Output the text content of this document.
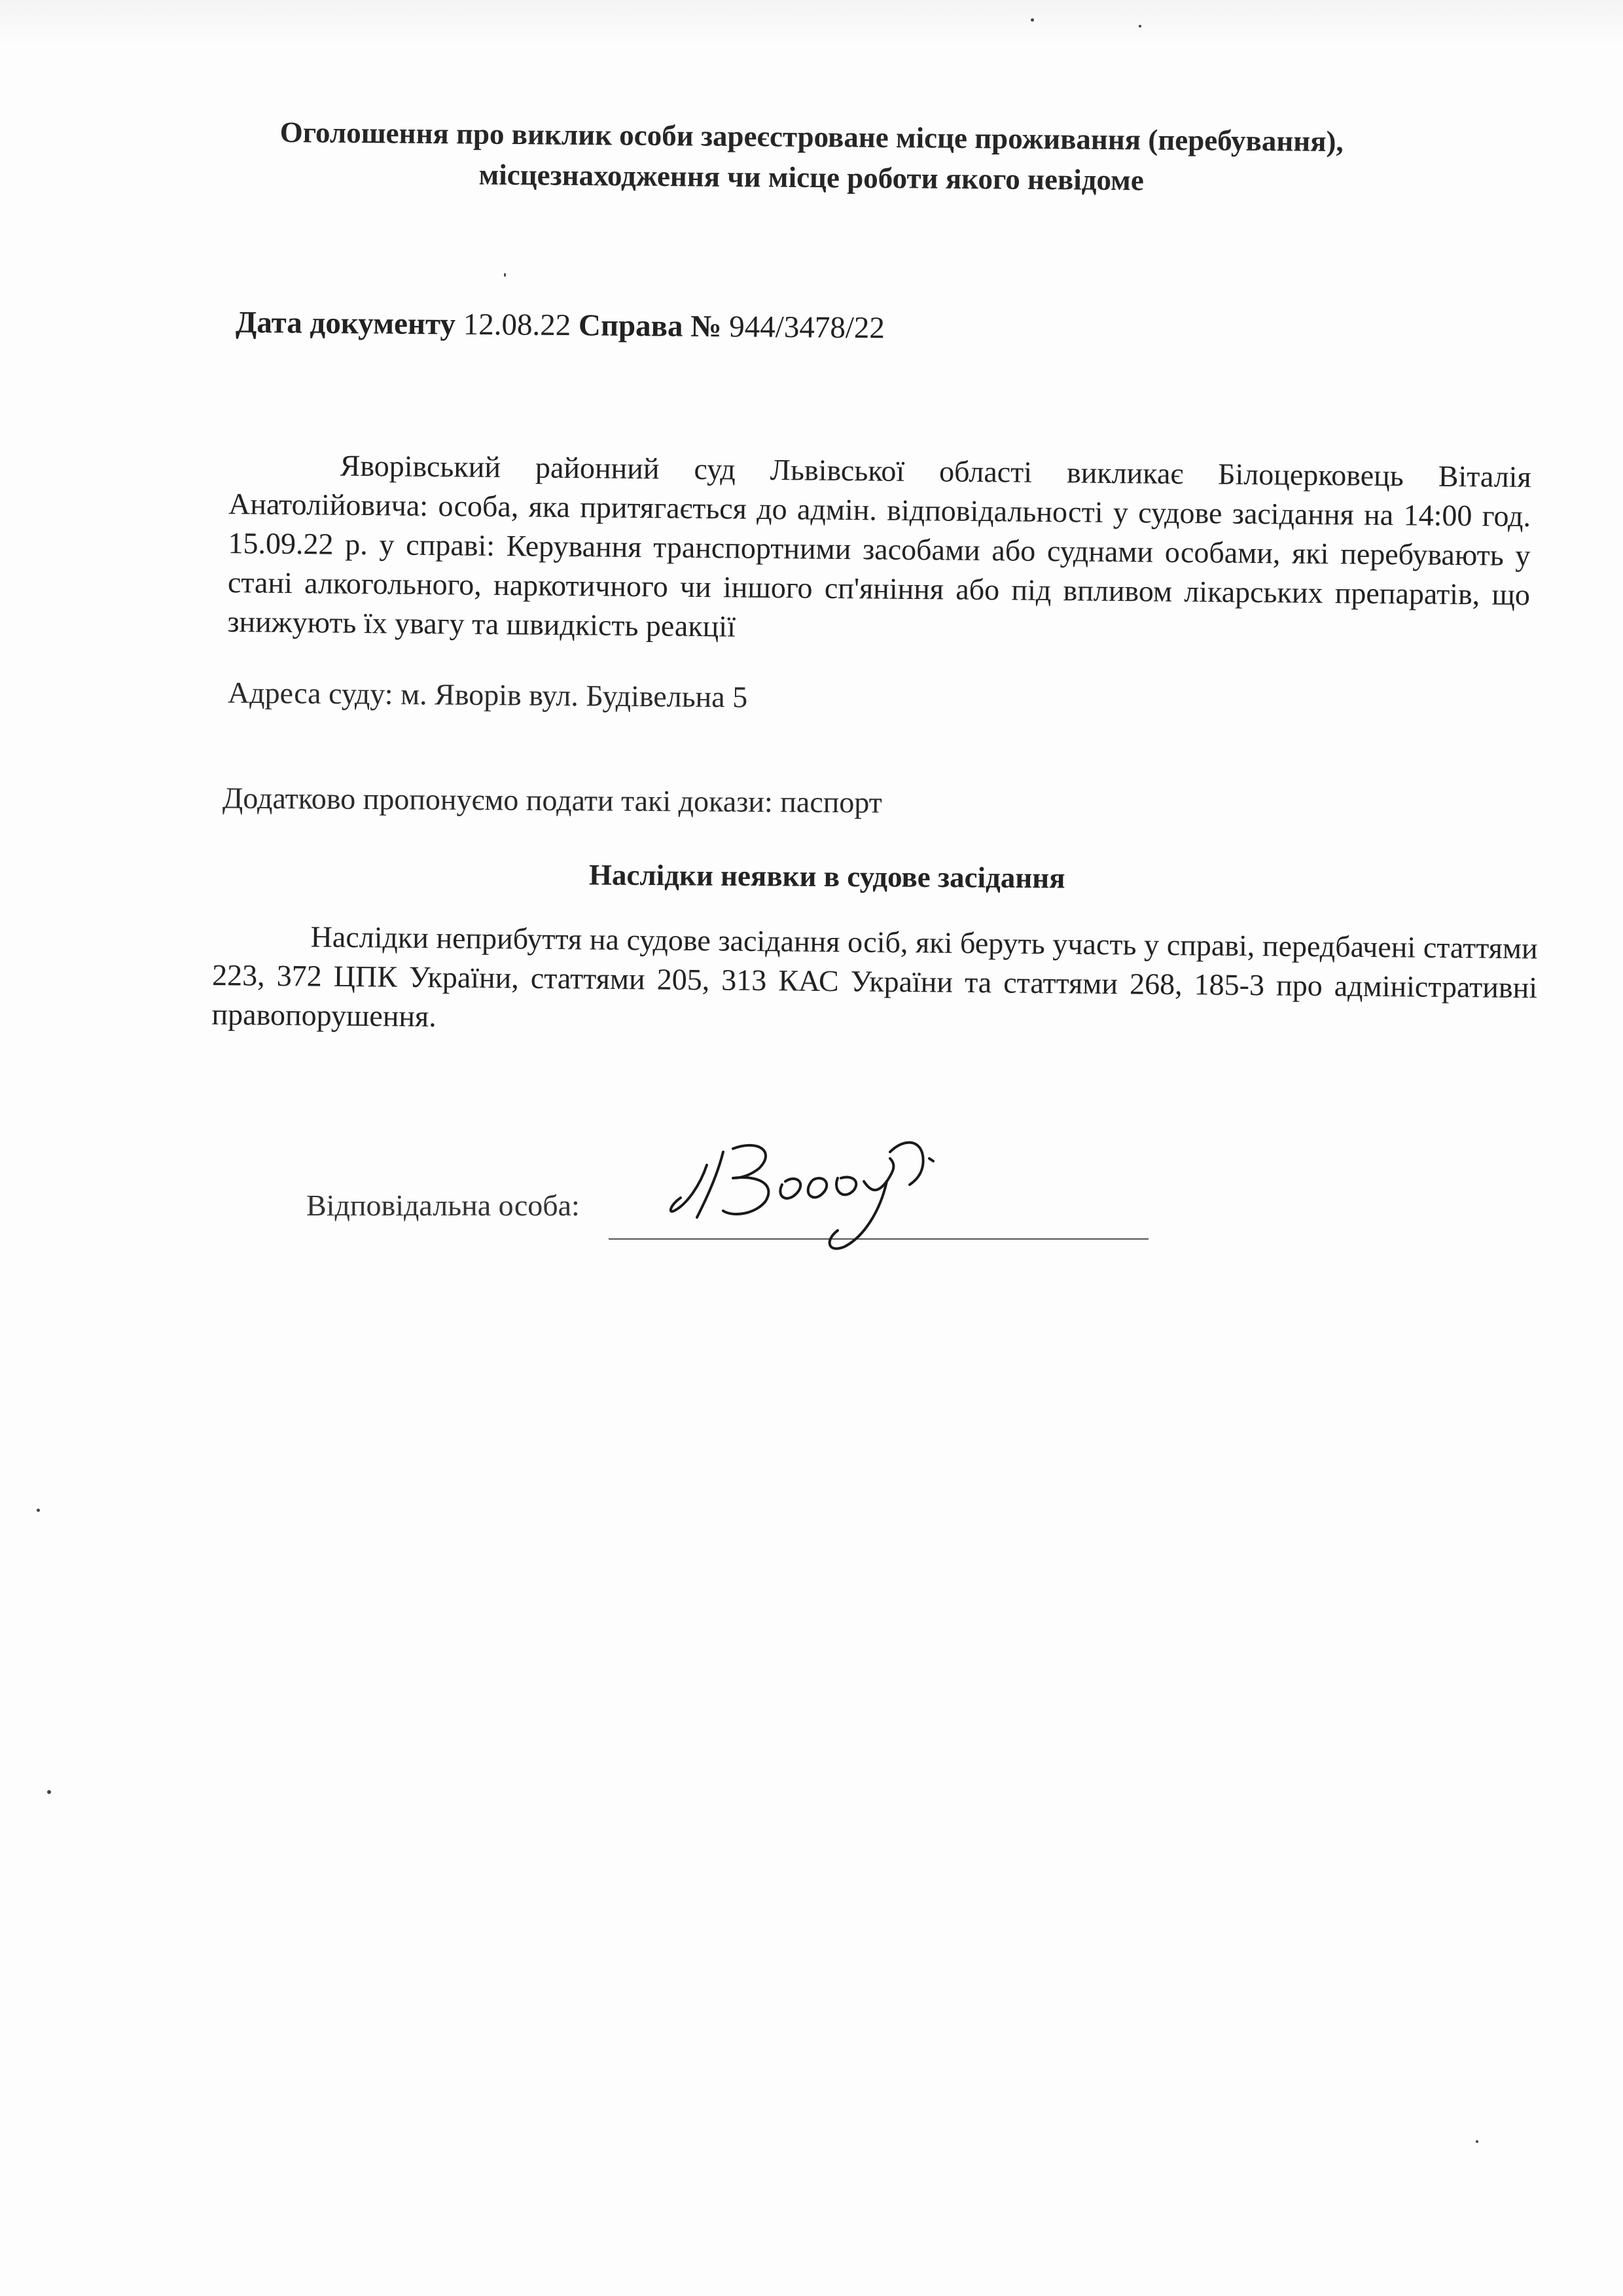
Оголошення про виклик особи зареєстроване місце проживання (перебування),
місцезнаходження чи місце роботи якого невідоме
Дата документу 12.08.22 Справа № 944/3478/22
Яворівський районний суд Львівської області викликає Білоцерковець Віталія Анатолійовича: особа, яка притягається до адмін. відповідальності у судове засідання на 14:00 год. 15.09.22 р. у справі: Керування транспортними засобами або суднами особами, які перебувають у стані алкогольного, наркотичного чи іншого сп'яніння або під впливом лікарських препаратів, що знижують їх увагу та швидкість реакції
Адреса суду: м. Яворів вул. Будівельна 5
Додатково пропонуємо подати такі докази: паспорт
Наслідки неявки в судове засідання
Наслідки неприбуття на судове засідання осіб, які беруть участь у справі, передбачені статтями 223, 372 ЦПК України, статтями 205, 313 КАС України та статтями 268, 185-3 про адміністративні правопорушення.
Відповідальна особа:
